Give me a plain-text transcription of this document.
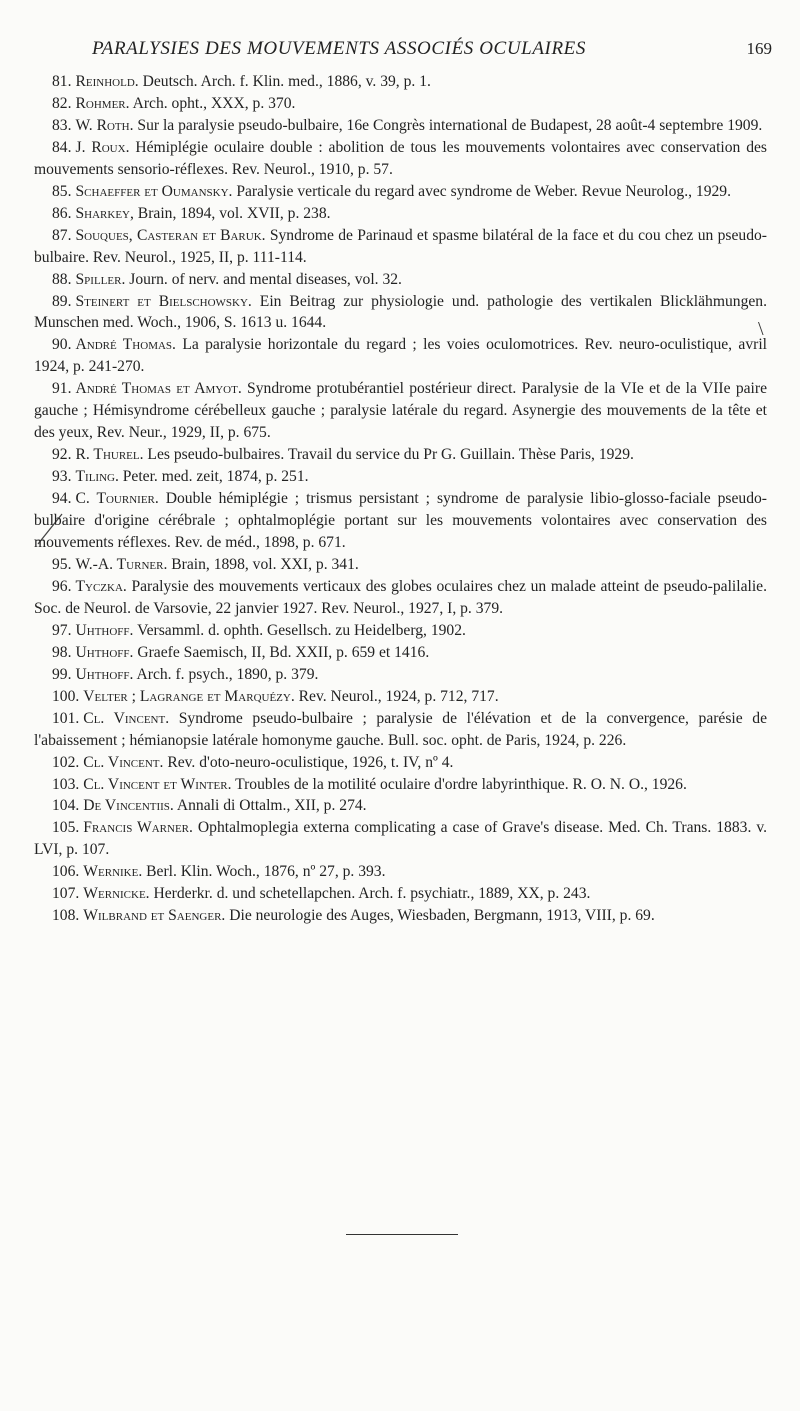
PARALYSIES DES MOUVEMENTS ASSOCIÉS OCULAIRES	169
\

81. Reinhold. Deutsch. Arch. f. Klin. med., 1886, v. 39, p. 1.

82. Rohmer. Arch. opht., XXX, p. 370.

83. W. Roth. Sur la paralysie pseudo-bulbaire, 16e Congrès international de Budapest, 28 août-4 septembre 1909.

84. J. Roux. Hémiplégie oculaire double : abolition de tous les mouvements volontaires avec conservation des mouvements sensorio-réflexes. Rev. Neurol., 1910, p. 57.

85. Schaeffer et Oumansky. Paralysie verticale du regard avec syndrome de Weber. Revue Neurolog., 1929.

86. Sharkey, Brain, 1894, vol. XVII, p. 238.

87. Souques, Casteran et Baruk. Syndrome de Parinaud et spasme bilatéral de la face et du cou chez un pseudo-bulbaire. Rev. Neurol., 1925, II, p. 111-114.

88. Spiller. Journ. of nerv. and mental diseases, vol. 32.

89. Steinert et Bielschowsky. Ein Beitrag zur physiologie und. pathologie des vertikalen Blicklähmungen. Munschen med. Woch., 1906, S. 1613 u. 1644.

90. André Thomas. La paralysie horizontale du regard ; les voies oculomotrices. Rev. neuro-oculistique, avril 1924, p. 241-270.

91. André Thomas et Amyot. Syndrome protubérantiel postérieur direct. Paralysie de la VIe et de la VIIe paire gauche ; Hémisyndrome cérébelleux gauche ; paralysie latérale du regard. Asynergie des mouvements de la tête et des yeux, Rev. Neur., 1929, II, p. 675.

92. R. Thurel. Les pseudo-bulbaires. Travail du service du Pr G. Guillain. Thèse Paris, 1929.

93. Tiling. Peter. med. zeit, 1874, p. 251.

94. C. Tournier. Double hémiplégie ; trismus persistant ; syndrome de paralysie libio-glosso-faciale pseudo-bulbaire d'origine cérébrale ; ophtalmoplégie portant sur les mouvements volontaires avec conservation des mouvements réflexes. Rev. de méd., 1898, p. 671.

95. W.-A. Turner. Brain, 1898, vol. XXI, p. 341.

96. Tyczka. Paralysie des mouvements verticaux des globes oculaires chez un malade atteint de pseudo-palilalie. Soc. de Neurol. de Varsovie, 22 janvier 1927. Rev. Neurol., 1927, I, p. 379.

97. Uhthoff. Versamml. d. ophth. Gesellsch. zu Heidelberg, 1902.

98. Uhthoff. Graefe Saemisch, II, Bd. XXII, p. 659 et 1416.

99. Uhthoff. Arch. f. psych., 1890, p. 379.

100. Velter ; Lagrange et Marquézy. Rev. Neurol., 1924, p. 712, 717.

101. Cl. Vincent. Syndrome pseudo-bulbaire ; paralysie de l'élévation et de la convergence, parésie de l'abaissement ; hémianopsie latérale homonyme gauche. Bull. soc. opht. de Paris, 1924, p. 226.

102. Cl. Vincent. Rev. d'oto-neuro-oculistique, 1926, t. IV, nº 4.

103. Cl. Vincent et Winter. Troubles de la motilité oculaire d'ordre labyrinthique. R. O. N. O., 1926.

104. De Vincentiis. Annali di Ottalm., XII, p. 274.

105. Francis Warner. Ophtalmoplegia externa complicating a case of Grave's disease. Med. Ch. Trans. 1883. v. LVI, p. 107.

106. Wernike. Berl. Klin. Woch., 1876, nº 27, p. 393.

107. Wernicke. Herderkr. d. und schetellapchen. Arch. f. psychiatr., 1889, XX, p. 243.

108. Wilbrand et Saenger. Die neurologie des Auges, Wiesbaden, Bergmann, 1913, VIII, p. 69.
